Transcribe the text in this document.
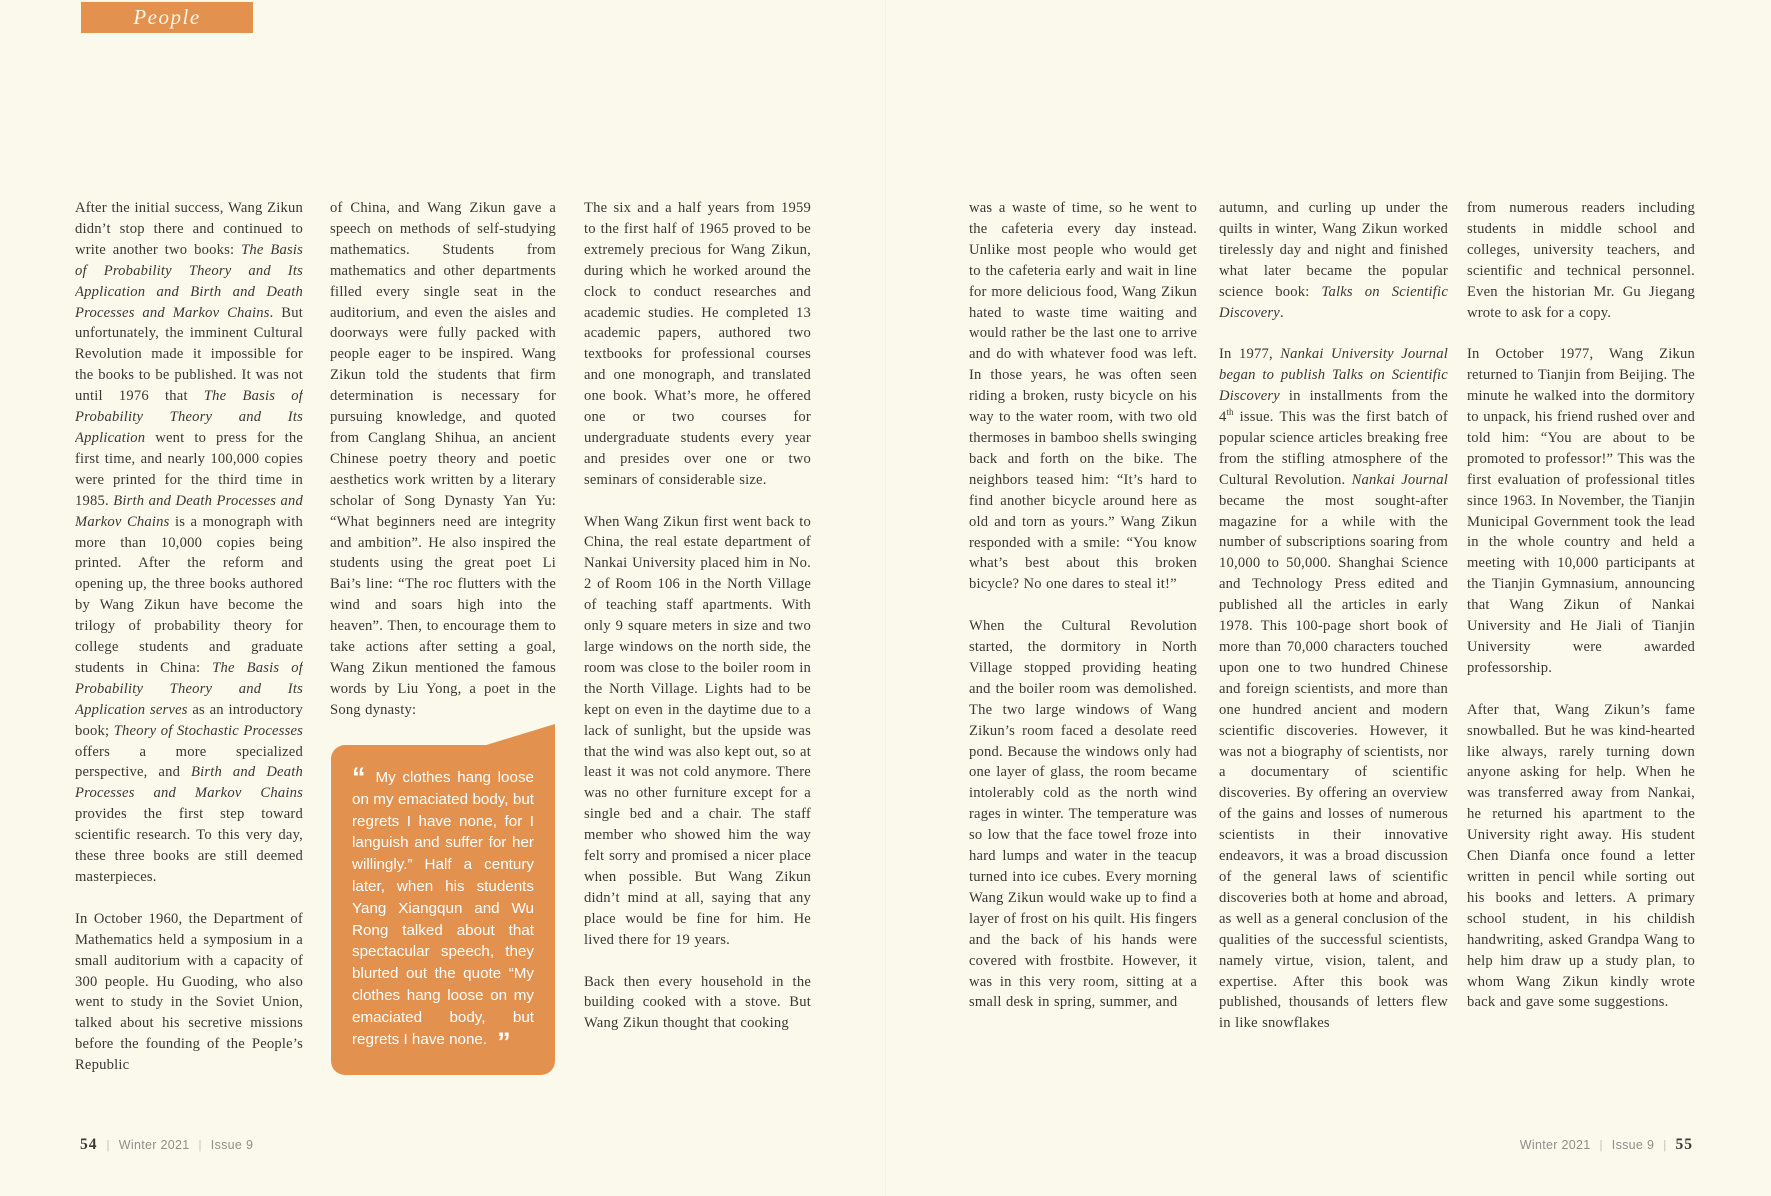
People

After the initial success, Wang Zikun didn’t stop there and continued to write another two books: The Basis of Probability Theory and Its Application and Birth and Death Processes and Markov Chains. But unfortunately, the imminent Cultural Revolution made it impossible for the books to be published. It was not until 1976 that The Basis of Probability Theory and Its Application went to press for the first time, and nearly 100,000 copies were printed for the third time in 1985. Birth and Death Processes and Markov Chains is a monograph with more than 10,000 copies being printed. After the reform and opening up, the three books authored by Wang Zikun have become the trilogy of probability theory for college students and graduate students in China: The Basis of Probability Theory and Its Application serves as an introductory book; Theory of Stochastic Processes offers a more specialized perspective, and Birth and Death Processes and Markov Chains provides the first step toward scientific research. To this very day, these three books are still deemed masterpieces.

In October 1960, the Department of Mathematics held a symposium in a small auditorium with a capacity of 300 people. Hu Guoding, who also went to study in the Soviet Union, talked about his secretive missions before the founding of the People’s Republic

of China, and Wang Zikun gave a speech on methods of self-studying mathematics. Students from mathematics and other departments filled every single seat in the auditorium, and even the aisles and doorways were fully packed with people eager to be inspired. Wang Zikun told the students that firm determination is necessary for pursuing knowledge, and quoted from Canglang Shihua, an ancient Chinese poetry theory and poetic aesthetics work written by a literary scholar of Song Dynasty Yan Yu: “What beginners need are integrity and ambition”. He also inspired the students using the great poet Li Bai’s line: “The roc flutters with the wind and soars high into the heaven”. Then, to encourage them to take actions after setting a goal, Wang Zikun mentioned the famous words by Liu Yong, a poet in the Song dynasty:

The six and a half years from 1959 to the first half of 1965 proved to be extremely precious for Wang Zikun, during which he worked around the clock to conduct researches and academic studies. He completed 13 academic papers, authored two textbooks for professional courses and one monograph, and translated one book. What’s more, he offered one or two courses for undergraduate students every year and presides over one or two seminars of considerable size.

When Wang Zikun first went back to China, the real estate department of Nankai University placed him in No. 2 of Room 106 in the North Village of teaching staff apartments. With only 9 square meters in size and two large windows on the north side, the room was close to the boiler room in the North Village. Lights had to be kept on even in the daytime due to a lack of sunlight, but the upside was that the wind was also kept out, so at least it was not cold anymore. There was no other furniture except for a single bed and a chair. The staff member who showed him the way felt sorry and promised a nicer place when possible. But Wang Zikun didn’t mind at all, saying that any place would be fine for him. He lived there for 19 years.

Back then every household in the building cooked with a stove. But Wang Zikun thought that cooking

“ My clothes hang loose on my emaciated body, but regrets I have none, for I languish and suffer for her willingly.” Half a century later, when his students Yang Xiangqun and Wu Rong talked about that spectacular speech, they blurted out the quote “My clothes hang loose on my emaciated body, but regrets I have none. ”

54 | Winter 2021 | Issue 9

was a waste of time, so he went to the cafeteria every day instead. Unlike most people who would get to the cafeteria early and wait in line for more delicious food, Wang Zikun hated to waste time waiting and would rather be the last one to arrive and do with whatever food was left. In those years, he was often seen riding a broken, rusty bicycle on his way to the water room, with two old thermoses in bamboo shells swinging back and forth on the bike. The neighbors teased him: “It’s hard to find another bicycle around here as old and torn as yours.” Wang Zikun responded with a smile: “You know what’s best about this broken bicycle? No one dares to steal it!”

When the Cultural Revolution started, the dormitory in North Village stopped providing heating and the boiler room was demolished. The two large windows of Wang Zikun’s room faced a desolate reed pond. Because the windows only had one layer of glass, the room became intolerably cold as the north wind rages in winter. The temperature was so low that the face towel froze into hard lumps and water in the teacup turned into ice cubes. Every morning Wang Zikun would wake up to find a layer of frost on his quilt. His fingers and the back of his hands were covered with frostbite. However, it was in this very room, sitting at a small desk in spring, summer, and

autumn, and curling up under the quilts in winter, Wang Zikun worked tirelessly day and night and finished what later became the popular science book: Talks on Scientific Discovery.

In 1977, Nankai University Journal began to publish Talks on Scientific Discovery in installments from the 4th issue. This was the first batch of popular science articles breaking free from the stifling atmosphere of the Cultural Revolution. Nankai Journal became the most sought-after magazine for a while with the number of subscriptions soaring from 10,000 to 50,000. Shanghai Science and Technology Press edited and published all the articles in early 1978. This 100-page short book of more than 70,000 characters touched upon one to two hundred Chinese and foreign scientists, and more than one hundred ancient and modern scientific discoveries. However, it was not a biography of scientists, nor a documentary of scientific discoveries. By offering an overview of the gains and losses of numerous scientists in their innovative endeavors, it was a broad discussion of the general laws of scientific discoveries both at home and abroad, as well as a general conclusion of the qualities of the successful scientists, namely virtue, vision, talent, and expertise. After this book was published, thousands of letters flew in like snowflakes

from numerous readers including students in middle school and colleges, university teachers, and scientific and technical personnel. Even the historian Mr. Gu Jiegang wrote to ask for a copy.

In October 1977, Wang Zikun returned to Tianjin from Beijing. The minute he walked into the dormitory to unpack, his friend rushed over and told him: “You are about to be promoted to professor!” This was the first evaluation of professional titles since 1963. In November, the Tianjin Municipal Government took the lead in the whole country and held a meeting with 10,000 participants at the Tianjin Gymnasium, announcing that Wang Zikun of Nankai University and He Jiali of Tianjin University were awarded professorship.

After that, Wang Zikun’s fame snowballed. But he was kind-hearted like always, rarely turning down anyone asking for help. When he was transferred away from Nankai, he returned his apartment to the University right away. His student Chen Dianfa once found a letter written in pencil while sorting out his books and letters. A primary school student, in his childish handwriting, asked Grandpa Wang to help him draw up a study plan, to whom Wang Zikun kindly wrote back and gave some suggestions.

Winter 2021 | Issue 9 | 55
